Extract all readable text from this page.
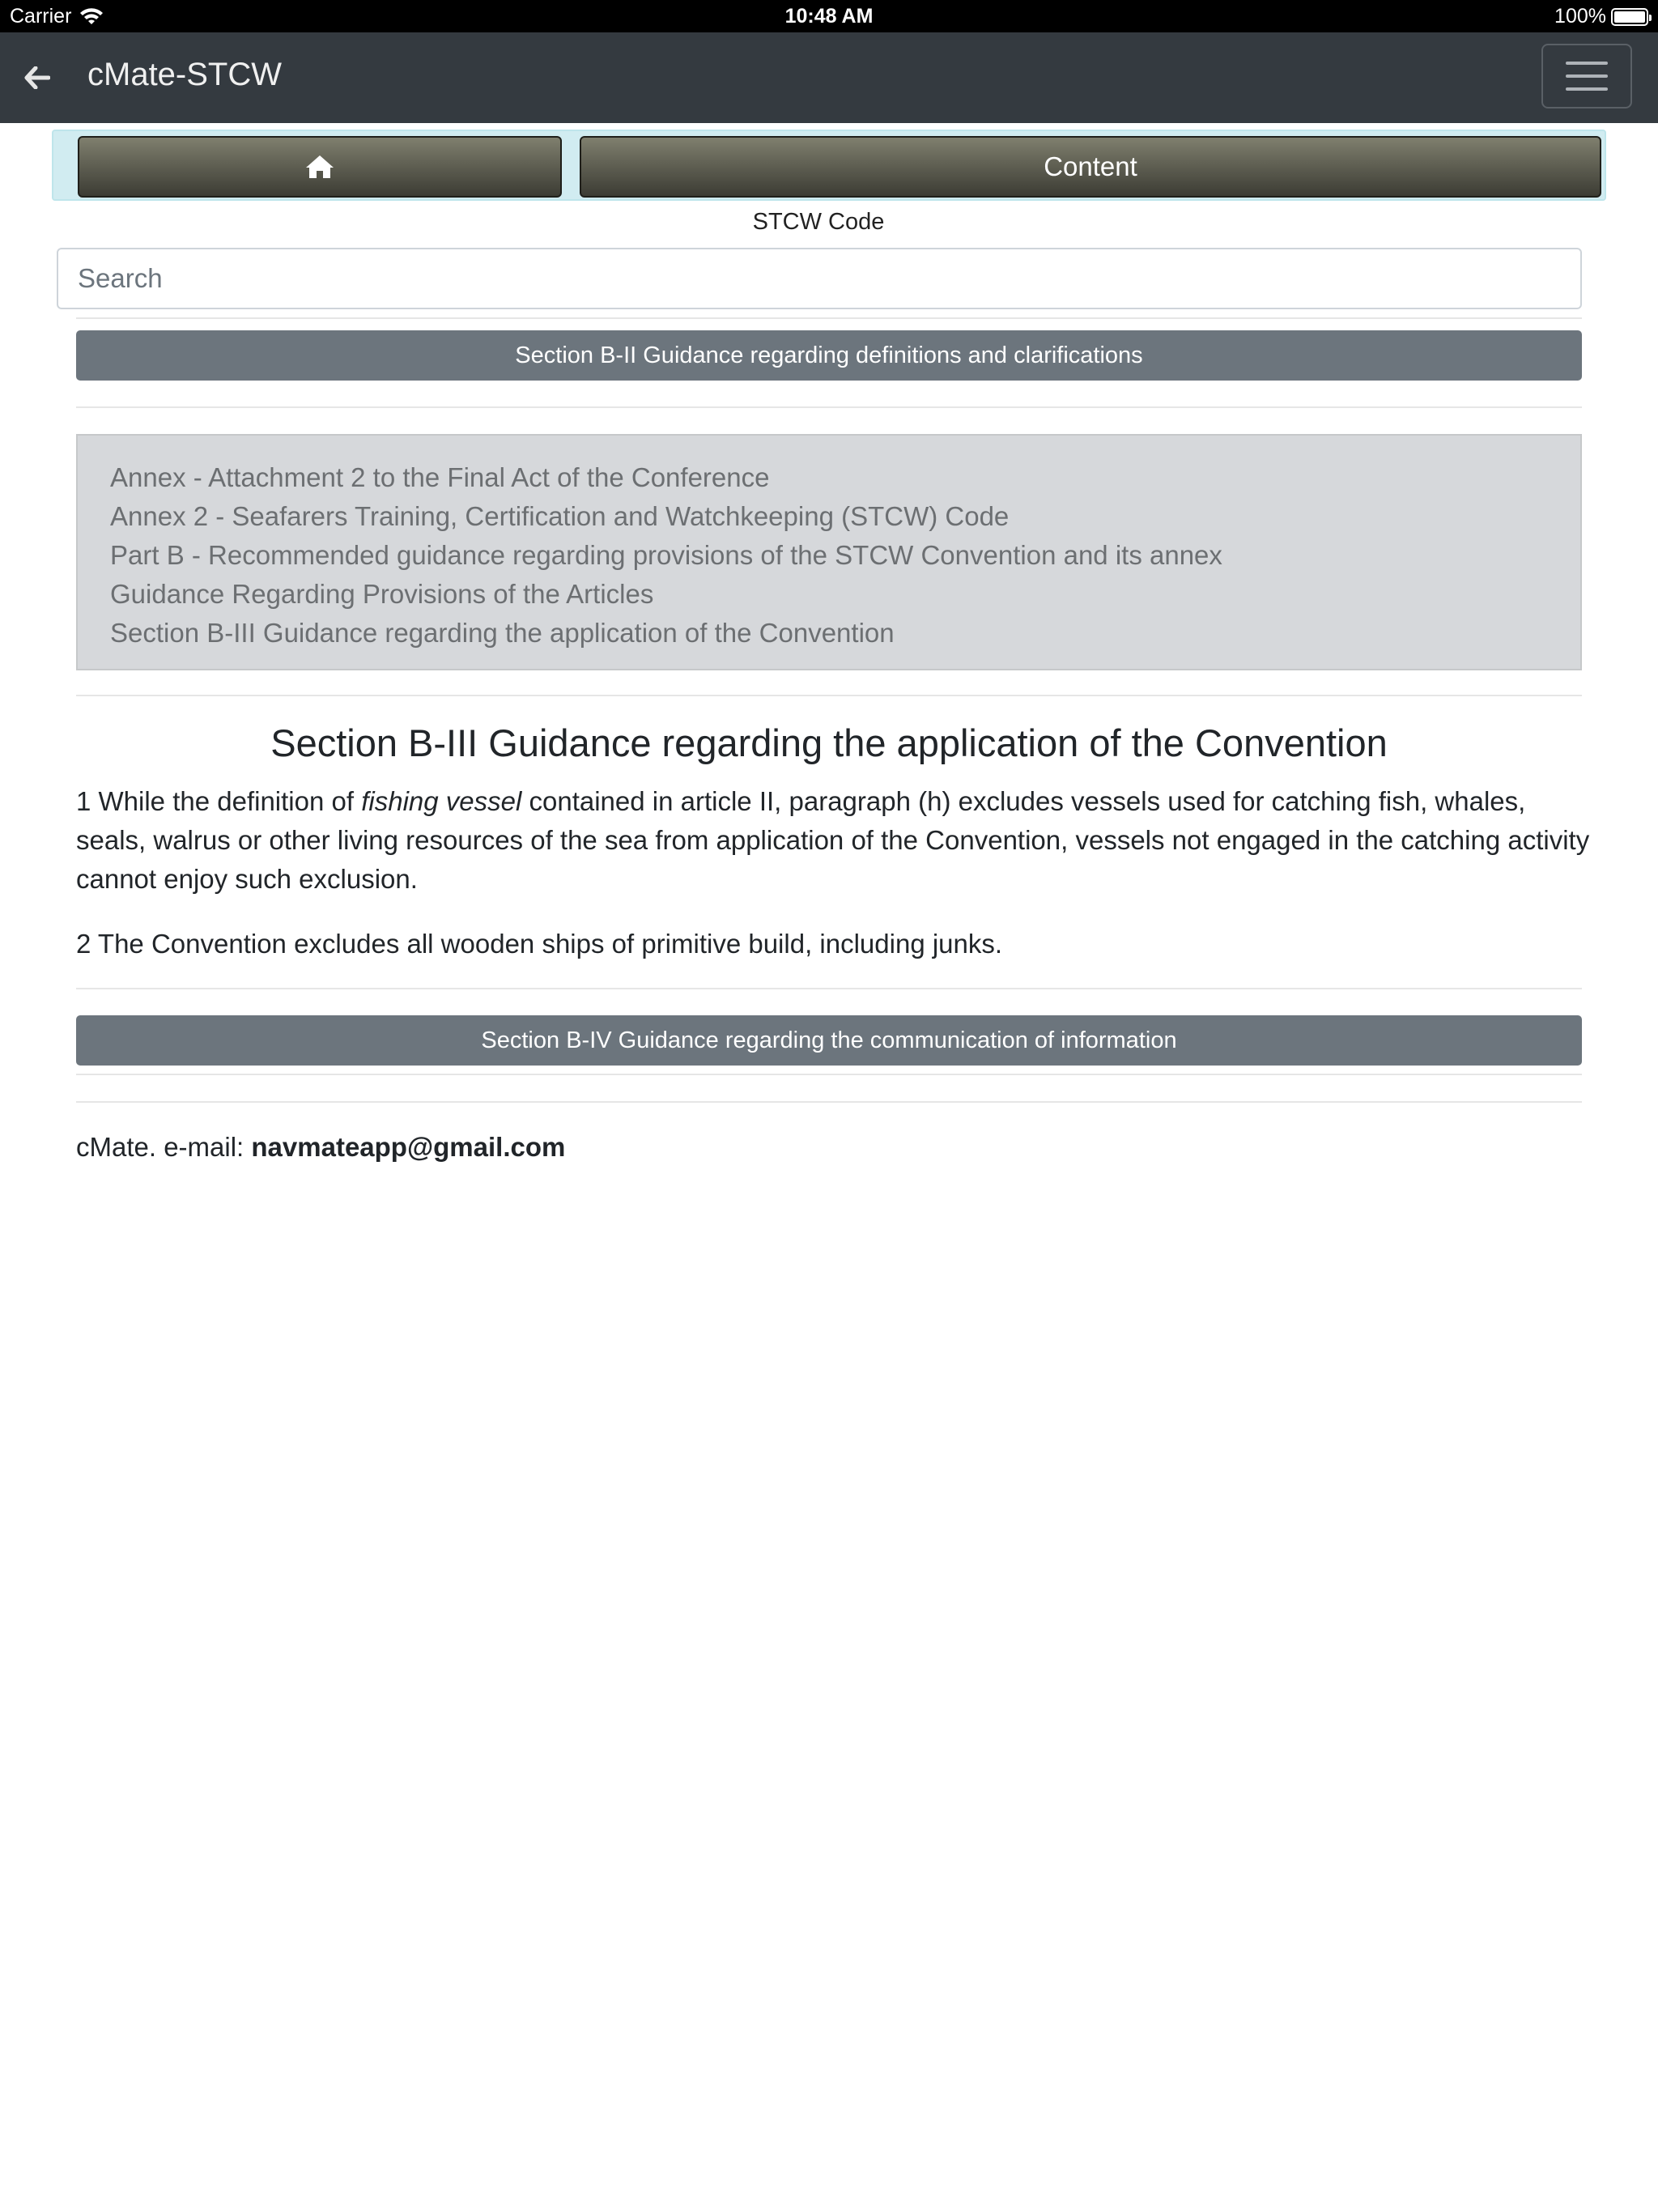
Carrier	10:48 AM	100%
cMate-STCW
Content
STCW Code
Search
Section B-II Guidance regarding definitions and clarifications
Annex - Attachment 2 to the Final Act of the Conference
Annex 2 - Seafarers Training, Certification and Watchkeeping (STCW) Code
Part B - Recommended guidance regarding provisions of the STCW Convention and its annex
Guidance Regarding Provisions of the Articles
Section B-III Guidance regarding the application of the Convention
Section B-III Guidance regarding the application of the Convention

1 While the definition of fishing vessel contained in article II, paragraph (h) excludes vessels used for catching fish, whales, seals, walrus or other living resources of the sea from application of the Convention, vessels not engaged in the catching activity cannot enjoy such exclusion.

2 The Convention excludes all wooden ships of primitive build, including junks.

Section B-IV Guidance regarding the communication of information
cMate. e-mail: navmateapp@gmail.com
